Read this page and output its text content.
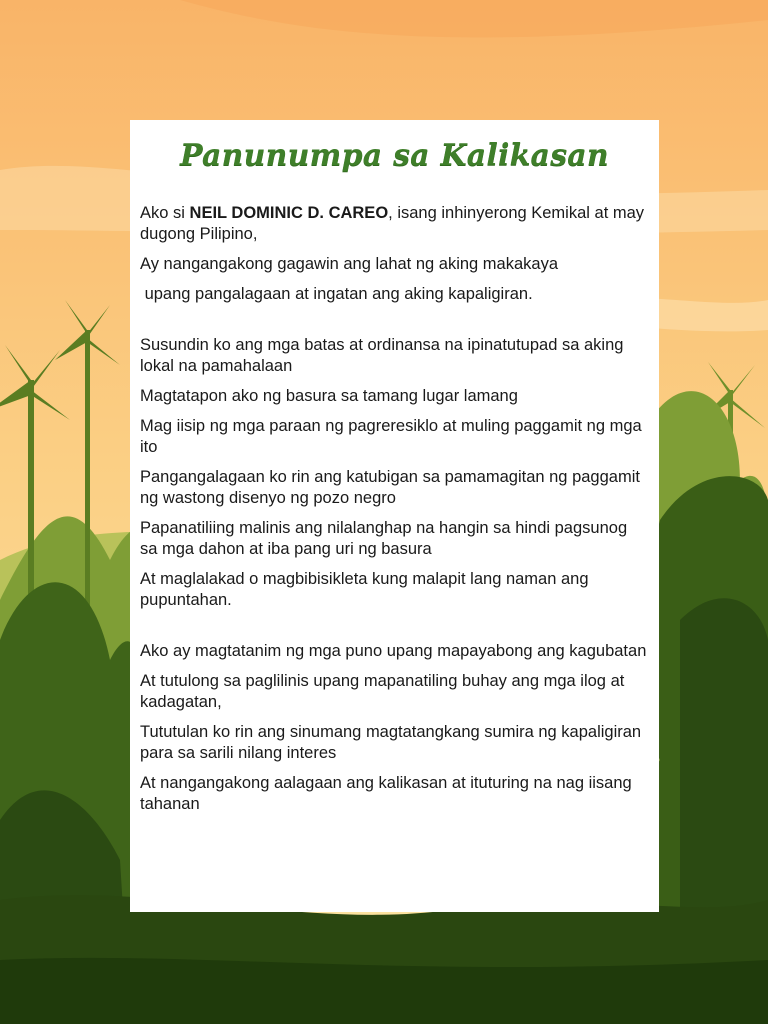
Panunumpa sa Kalikasan

Ako si NEIL DOMINIC D. CAREO, isang inhinyerong Kemikal at may dugong Pilipino,

Ay nangangakong gagawin ang lahat ng aking makakaya

upang pangalagaan at ingatan ang aking kapaligiran.

Susundin ko ang mga batas at ordinansa na ipinatutupad sa aking lokal na pamahalaan

Magtatapon ako ng basura sa tamang lugar lamang

Mag iisip ng mga paraan ng pagreresiklo at muling paggamit ng mga ito

Pangangalagaan ko rin ang katubigan sa pamamagitan ng paggamit ng wastong disenyo ng pozo negro

Papanatiliing malinis ang nilalanghap na hangin sa hindi pagsunog sa mga dahon at iba pang uri ng basura

At maglalakad o magbibisikleta kung malapit lang naman ang pupuntahan.

Ako ay magtatanim ng mga puno upang mapayabong ang kagubatan

At tutulong sa paglilinis upang mapanatiling buhay ang mga ilog at kadagatan,

Tututulan ko rin ang sinumang magtatangkang sumira ng kapaligiran para sa sarili nilang interes

At nangangakong aalagaan ang kalikasan at ituturing na nag iisang tahanan
